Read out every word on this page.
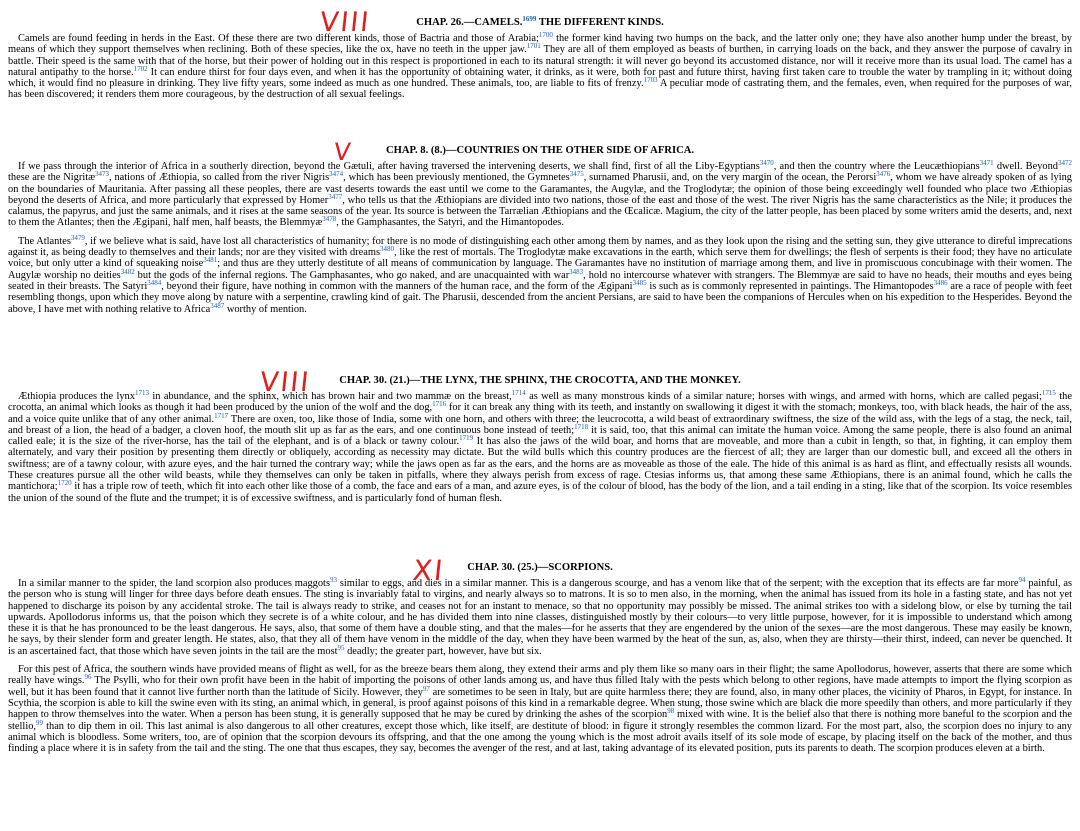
VIII	CHAP. 26.—CAMELS.$^{1699}$ THE DIFFERENT KINDS.

Camels are found feeding in herds in the East. Of these there are two different kinds, those of Bactria and those of Arabia;$^{1700}$ the former kind having two humps on the back, and the latter only one; they have also another hump under the breast, by means of which they support themselves when reclining. Both of these species, like the ox, have no teeth in the upper jaw.$^{1701}$ They are all of them employed as beasts of burthen, in carrying loads on the back, and they answer the purpose of cavalry in battle. Their speed is the same with that of the horse, but their power of holding out in this respect is proportioned in each to its natural strength: it will never go beyond its accustomed distance, nor will it receive more than its usual load. The camel has a natural antipathy to the horse.$^{1702}$ It can endure thirst for four days even, and when it has the opportunity of obtaining water, it drinks, as it were, both for past and future thirst, having first taken care to trouble the water by trampling in it; without doing which, it would find no pleasure in drinking. They live fifty years, some indeed as much as one hundred. These animals, too, are liable to fits of frenzy.$^{1703}$ A peculiar mode of castrating them, and the females, even, when required for the purposes of war, has been discovered; it renders them more courageous, by the destruction of all sexual feelings.

V	CHAP. 8. (8.)—COUNTRIES ON THE OTHER SIDE OF AFRICA.

If we pass through the interior of Africa in a southerly direction, beyond the Gætuli, after having traversed the intervening deserts, we shall find, first of all the Liby-Egyptians$^{3470}$, and then the country where the Leucæthiopians$^{3471}$ dwell. Beyond$^{3472}$ these are the Nigritæ$^{3473}$, nations of Æthiopia, so called from the river Nigris$^{3474}$, which has been previously mentioned, the Gymnetes$^{3475}$, surnamed Pharusii, and, on the very margin of the ocean, the Perorsi$^{3476}$, whom we have already spoken of as lying on the boundaries of Mauritania. After passing all these peoples, there are vast deserts towards the east until we come to the Garamantes, the Augylæ, and the Troglodytæ; the opinion of those being exceedingly well founded who place two Æthiopias beyond the deserts of Africa, and more particularly that expressed by Homer$^{3477}$, who tells us that the Æthiopians are divided into two nations, those of the east and those of the west. The river Nigris has the same characteristics as the Nile; it produces the calamus, the papyrus, and just the same animals, and it rises at the same seasons of the year. Its source is between the Tarrælian Æthiopians and the Œcalicæ. Magium, the city of the latter people, has been placed by some writers amid the deserts, and, next to them the Atlantes; then the Ægipani, half men, half beasts, the Blemmyæ$^{3478}$, the Gamphasantes, the Satyri, and the Himantopodes.

The Atlantes$^{3479}$, if we believe what is said, have lost all characteristics of humanity; for there is no mode of distinguishing each other among them by names, and as they look upon the rising and the setting sun, they give utterance to direful imprecations against it, as being deadly to themselves and their lands; nor are they visited with dreams$^{3480}$, like the rest of mortals. The Troglodytæ make excavations in the earth, which serve them for dwellings; the flesh of serpents is their food; they have no articulate voice, but only utter a kind of squeaking noise$^{3481}$; and thus are they utterly destitute of all means of communication by language. The Garamantes have no institution of marriage among them, and live in promiscuous concubinage with their women. The Augylæ worship no deities$^{3482}$ but the gods of the infernal regions. The Gamphasantes, who go naked, and are unacquainted with war$^{3483}$, hold no intercourse whatever with strangers. The Blemmyæ are said to have no heads, their mouths and eyes being seated in their breasts. The Satyri$^{3484}$, beyond their figure, have nothing in common with the manners of the human race, and the form of the Ægipani$^{3485}$ is such as is commonly represented in paintings. The Himantopodes$^{3486}$ are a race of people with feet resembling thongs, upon which they move along by nature with a serpentine, crawling kind of gait. The Pharusii, descended from the ancient Persians, are said to have been the companions of Hercules when on his expedition to the Hesperides. Beyond the above, I have met with nothing relative to Africa$^{3487}$ worthy of mention.

VIII	CHAP. 30. (21.)—THE LYNX, THE SPHINX, THE CROCOTTA, AND THE MONKEY.

Æthiopia produces the lynx$^{1713}$ in abundance, and the sphinx, which has brown hair and two mammæ on the breast,$^{1714}$ as well as many monstrous kinds of a similar nature; horses with wings, and armed with horns, which are called pegasi;$^{1715}$ the crocotta, an animal which looks as though it had been produced by the union of the wolf and the dog,$^{1716}$ for it can break any thing with its teeth, and instantly on swallowing it digest it with the stomach; monkeys, too, with black heads, the hair of the ass, and a voice quite unlike that of any other animal.$^{1717}$ There are oxen, too, like those of India, some with one horn, and others with three; the leucrocotta, a wild beast of extraordinary swiftness, the size of the wild ass, with the legs of a stag, the neck, tail, and breast of a lion, the head of a badger, a cloven hoof, the mouth slit up as far as the ears, and one continuous bone instead of teeth;$^{1718}$ it is said, too, that this animal can imitate the human voice. Among the same people, there is also found an animal called eale; it is the size of the river-horse, has the tail of the elephant, and is of a black or tawny colour.$^{1719}$ It has also the jaws of the wild boar, and horns that are moveable, and more than a cubit in length, so that, in fighting, it can employ them alternately, and vary their position by presenting them directly or obliquely, according as necessity may dictate. But the wild bulls which this country produces are the fiercest of all; they are larger than our domestic bull, and exceed all the others in swiftness; are of a tawny colour, with azure eyes, and the hair turned the contrary way; while the jaws open as far as the ears, and the horns are as moveable as those of the eale. The hide of this animal is as hard as flint, and effectually resists all wounds. These creatures pursue all the other wild beasts, while they themselves can only be taken in pitfalls, where they always perish from excess of rage. Ctesias informs us, that among these same Æthiopians, there is an animal found, which he calls the mantichora;$^{1720}$ it has a triple row of teeth, which fit into each other like those of a comb, the face and ears of a man, and azure eyes, is of the colour of blood, has the body of the lion, and a tail ending in a sting, like that of the scorpion. Its voice resembles the union of the sound of the flute and the trumpet; it is of excessive swiftness, and is particularly fond of human flesh.

XI	CHAP. 30. (25.)—SCORPIONS.

In a similar manner to the spider, the land scorpion also produces maggots$^{93}$ similar to eggs, and dies in a similar manner. This is a dangerous scourge, and has a venom like that of the serpent; with the exception that its effects are far more$^{94}$ painful, as the person who is stung will linger for three days before death ensues. The sting is invariably fatal to virgins, and nearly always so to matrons. It is so to men also, in the morning, when the animal has issued from its hole in a fasting state, and has not yet happened to discharge its poison by any accidental stroke. The tail is always ready to strike, and ceases not for an instant to menace, so that no opportunity may possibly be missed. The animal strikes too with a sidelong blow, or else by turning the tail upwards. Apollodorus informs us, that the poison which they secrete is of a white colour, and he has divided them into nine classes, distinguished mostly by their colours—to very little purpose, however, for it is impossible to understand which among these it is that he has pronounced to be the least dangerous. He says, also, that some of them have a double sting, and that the males—for he asserts that they are engendered by the union of the sexes—are the most dangerous. These may easily be known, he says, by their slender form and greater length. He states, also, that they all of them have venom in the middle of the day, when they have been warmed by the heat of the sun, as, also, when they are thirsty—their thirst, indeed, can never be quenched. It is an ascertained fact, that those which have seven joints in the tail are the most$^{95}$ deadly; the greater part, however, have but six.

For this pest of Africa, the southern winds have provided means of flight as well, for as the breeze bears them along, they extend their arms and ply them like so many oars in their flight; the same Apollodorus, however, asserts that there are some which really have wings.$^{96}$ The Psylli, who for their own profit have been in the habit of importing the poisons of other lands among us, and have thus filled Italy with the pests which belong to other regions, have made attempts to import the flying scorpion as well, but it has been found that it cannot live further north than the latitude of Sicily. However, they$^{97}$ are sometimes to be seen in Italy, but are quite harmless there; they are found, also, in many other places, the vicinity of Pharos, in Egypt, for instance. In Scythia, the scorpion is able to kill the swine even with its sting, an animal which, in general, is proof against poisons of this kind in a remarkable degree. When stung, those swine which are black die more speedily than others, and more particularly if they happen to throw themselves into the water. When a person has been stung, it is generally supposed that he may be cured by drinking the ashes of the scorpion$^{98}$ mixed with wine. It is the belief also that there is nothing more baneful to the scorpion and the stellio,$^{99}$ than to dip them in oil. This last animal is also dangerous to all other creatures, except those which, like itself, are destitute of blood: in figure it strongly resembles the common lizard. For the most part, also, the scorpion does no injury to any animal which is bloodless. Some writers, too, are of opinion that the scorpion devours its offspring, and that the one among the young which is the most adroit avails itself of its sole mode of escape, by placing itself on the back of the mother, and thus finding a place where it is in safety from the tail and the sting. The one that thus escapes, they say, becomes the avenger of the rest, and at last, taking advantage of its elevated position, puts its parents to death. The scorpion produces eleven at a birth.
